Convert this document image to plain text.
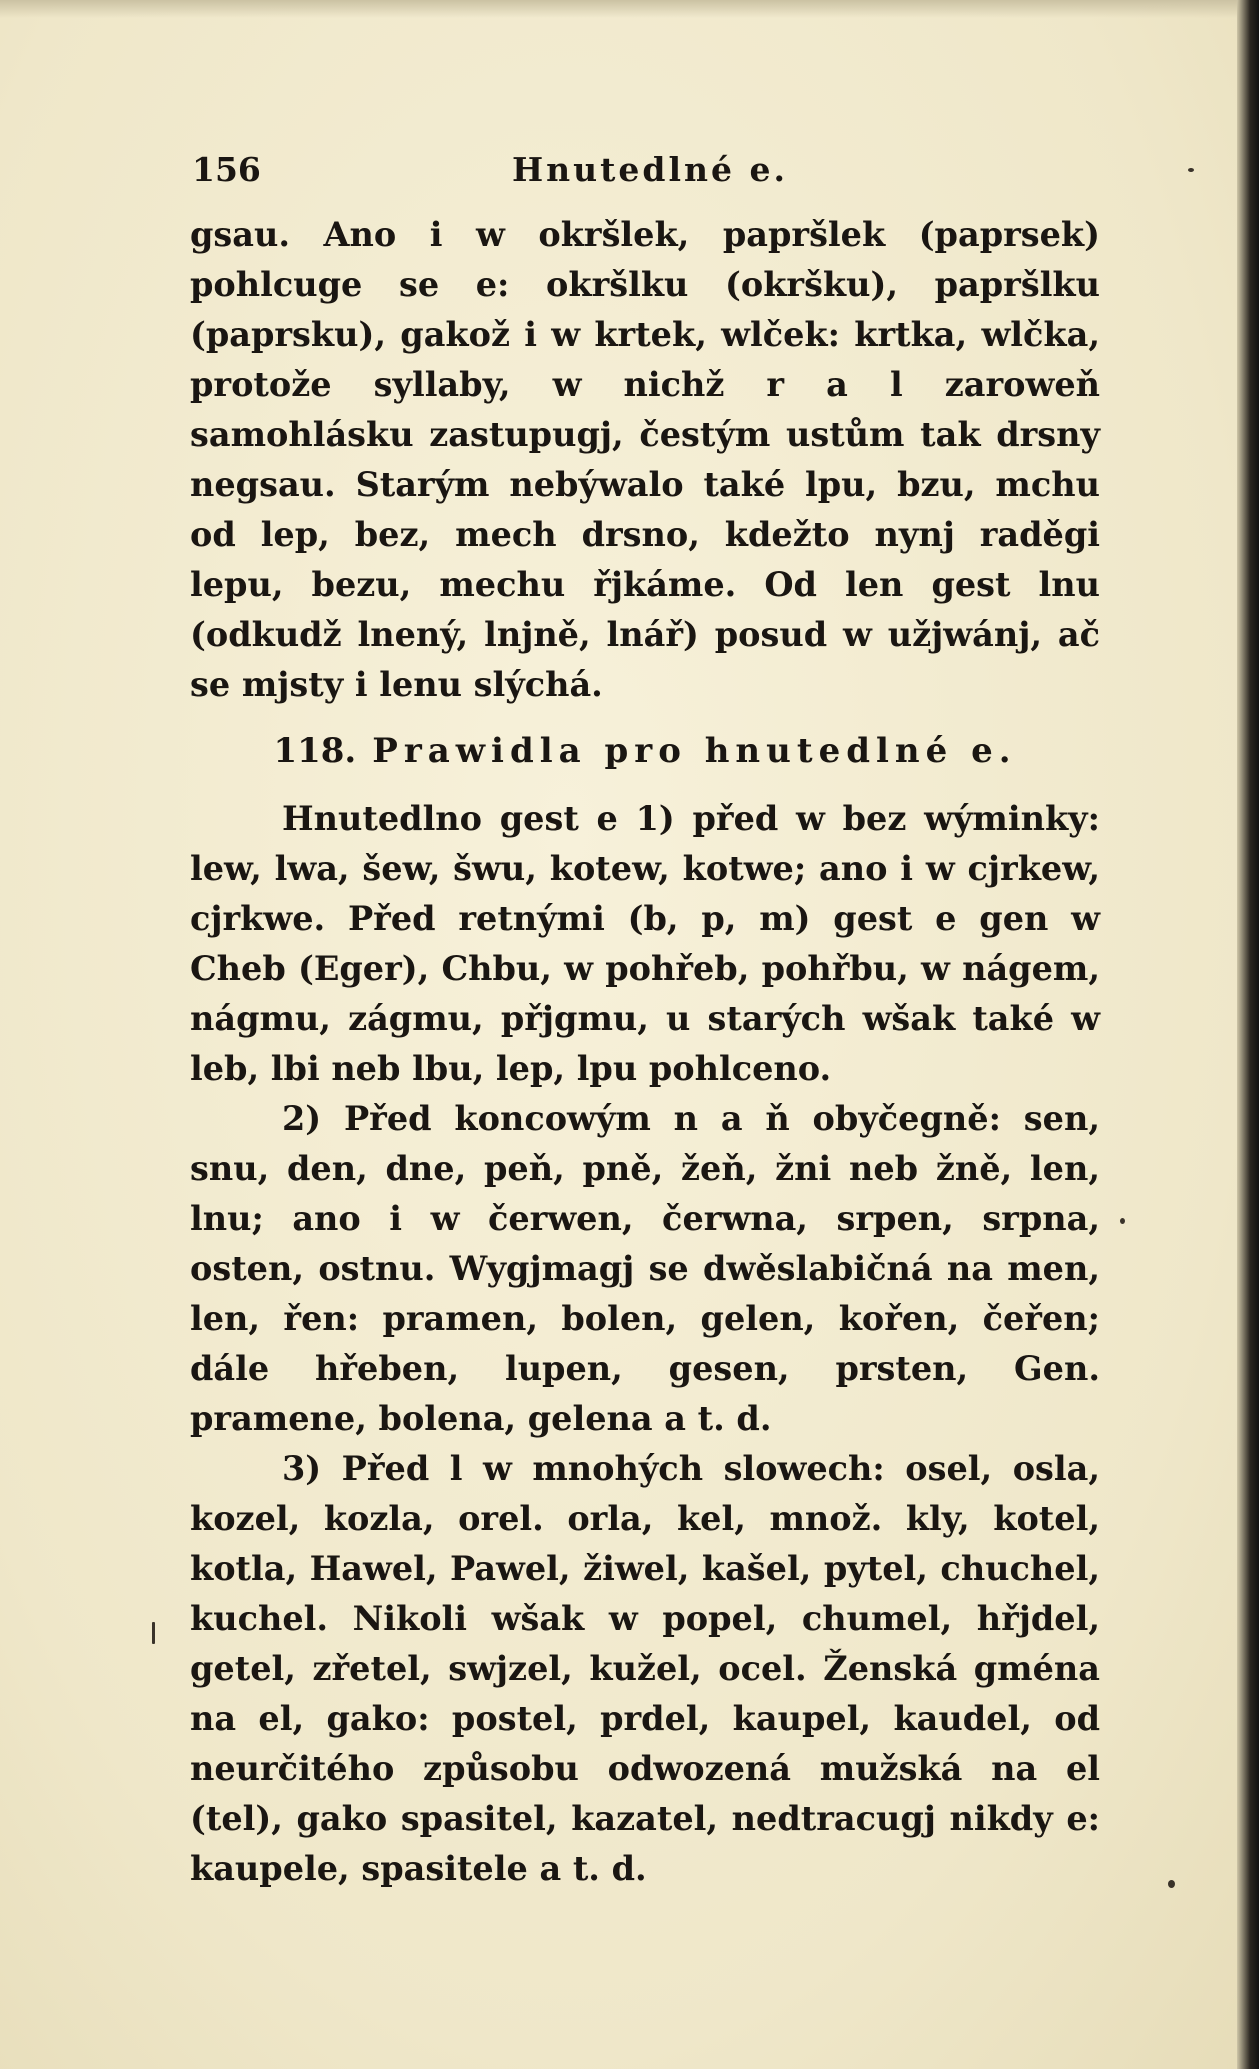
156	Hnutedlné e.

gsau. Ano i w okršlek, papršlek (paprsek) pohlcuge se e: okršlku (okršku), papršlku (paprsku), gakož i w krtek, wlček: krtka, wlčka, protože syllaby, w nichž r a l zaroweň samohlásku zastupugj, čestým ustům tak drsny negsau. Starým nebýwalo také lpu, bzu, mchu od lep, bez, mech drsno, kdežto nynj raděgi lepu, bezu, mechu řjkáme. Od len gest lnu (odkudž lnený, lnjně, lnář) posud w užjwánj, ač se mjsty i lenu slýchá.

118. Prawidla pro hnutedlné e.

Hnutedlno gest e 1) před w bez wýminky: lew, lwa, šew, šwu, kotew, kotwe; ano i w cjrkew, cjrkwe. Před retnými (b, p, m) gest e gen w Cheb (Eger), Chbu, w pohřeb, pohřbu, w nágem, nágmu, zágmu, přjgmu, u starých wšak také w leb, lbi neb lbu, lep, lpu pohlceno.

2) Před koncowým n a ň obyčegně: sen, snu, den, dne, peň, pně, žeň, žni neb žně, len, lnu; ano i w čerwen, čerwna, srpen, srpna, osten, ostnu. Wygjmagj se dwěslabičná na men, len, řen: pramen, bolen, gelen, kořen, čeřen; dále hřeben, lupen, gesen, prsten, Gen. pramene, bolena, gelena a t. d.

3) Před l w mnohých slowech: osel, osla, kozel, kozla, orel. orla, kel, množ. kly, kotel, kotla, Hawel, Pawel, žiwel, kašel, pytel, chuchel, kuchel. Nikoli wšak w popel, chumel, hřjdel, getel, zřetel, swjzel, kužel, ocel. Ženská gména na el, gako: postel, prdel, kaupel, kaudel, od neurčitého způsobu odwozená mužská na el (tel), gako spasitel, kazatel, nedtracugj nikdy e: kaupele, spasitele a t. d.
